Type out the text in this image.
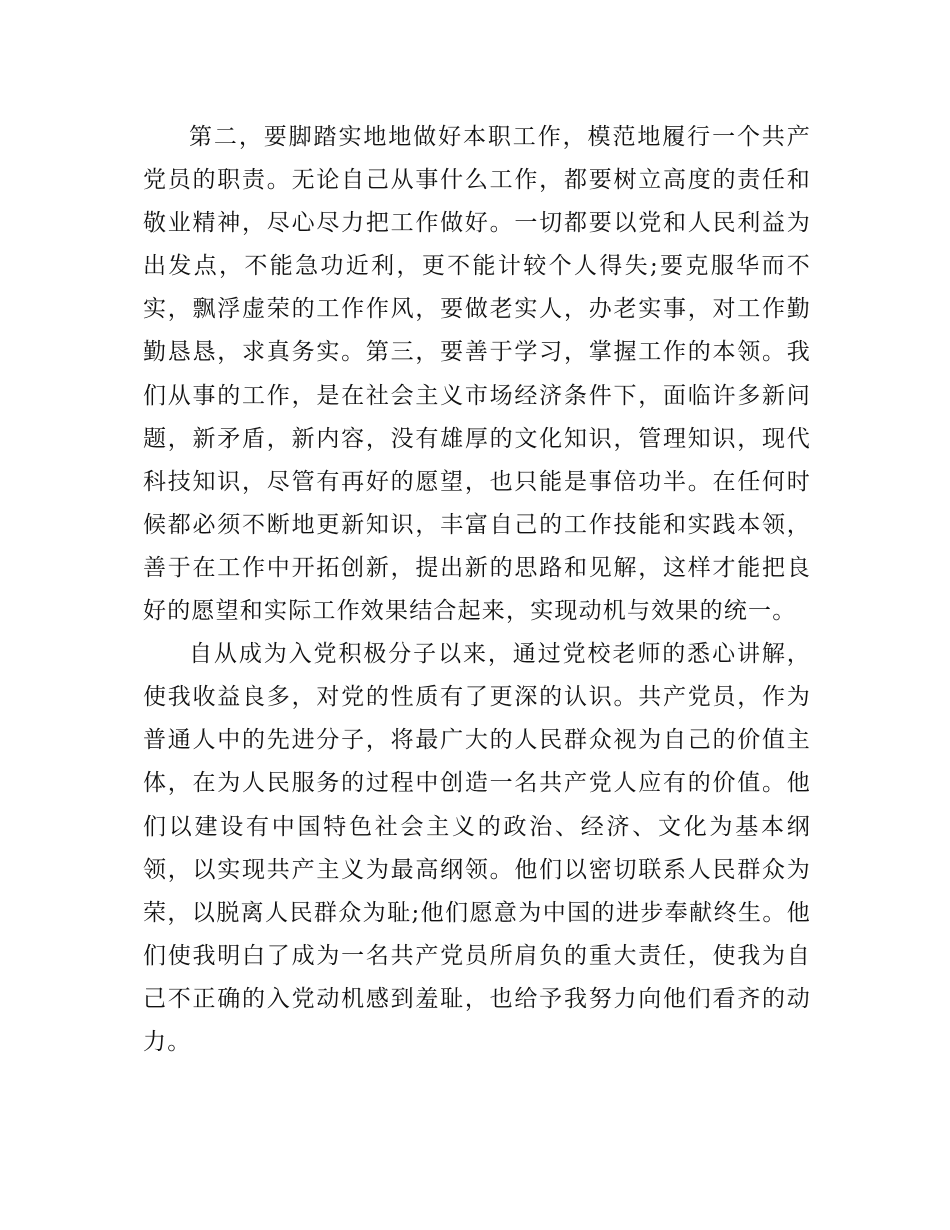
第二，要脚踏实地地做好本职工作，模范地履行一个共产党员的职责。无论自己从事什么工作，都要树立高度的责任和敬业精神，尽心尽力把工作做好。一切都要以党和人民利益为出发点，不能急功近利，更不能计较个人得失;要克服华而不实，飘浮虚荣的工作作风，要做老实人，办老实事，对工作勤勤恳恳，求真务实。第三，要善于学习，掌握工作的本领。我们从事的工作，是在社会主义市场经济条件下，面临许多新问题，新矛盾，新内容，没有雄厚的文化知识，管理知识，现代科技知识，尽管有再好的愿望，也只能是事倍功半。在任何时候都必须不断地更新知识，丰富自己的工作技能和实践本领，善于在工作中开拓创新，提出新的思路和见解，这样才能把良好的愿望和实际工作效果结合起来，实现动机与效果的统一。

自从成为入党积极分子以来，通过党校老师的悉心讲解，使我收益良多，对党的性质有了更深的认识。共产党员，作为普通人中的先进分子，将最广大的人民群众视为自己的价值主体，在为人民服务的过程中创造一名共产党人应有的价值。他们以建设有中国特色社会主义的政治、经济、文化为基本纲领，以实现共产主义为最高纲领。他们以密切联系人民群众为荣，以脱离人民群众为耻;他们愿意为中国的进步奉献终生。他们使我明白了成为一名共产党员所肩负的重大责任，使我为自己不正确的入党动机感到羞耻，也给予我努力向他们看齐的动力。
